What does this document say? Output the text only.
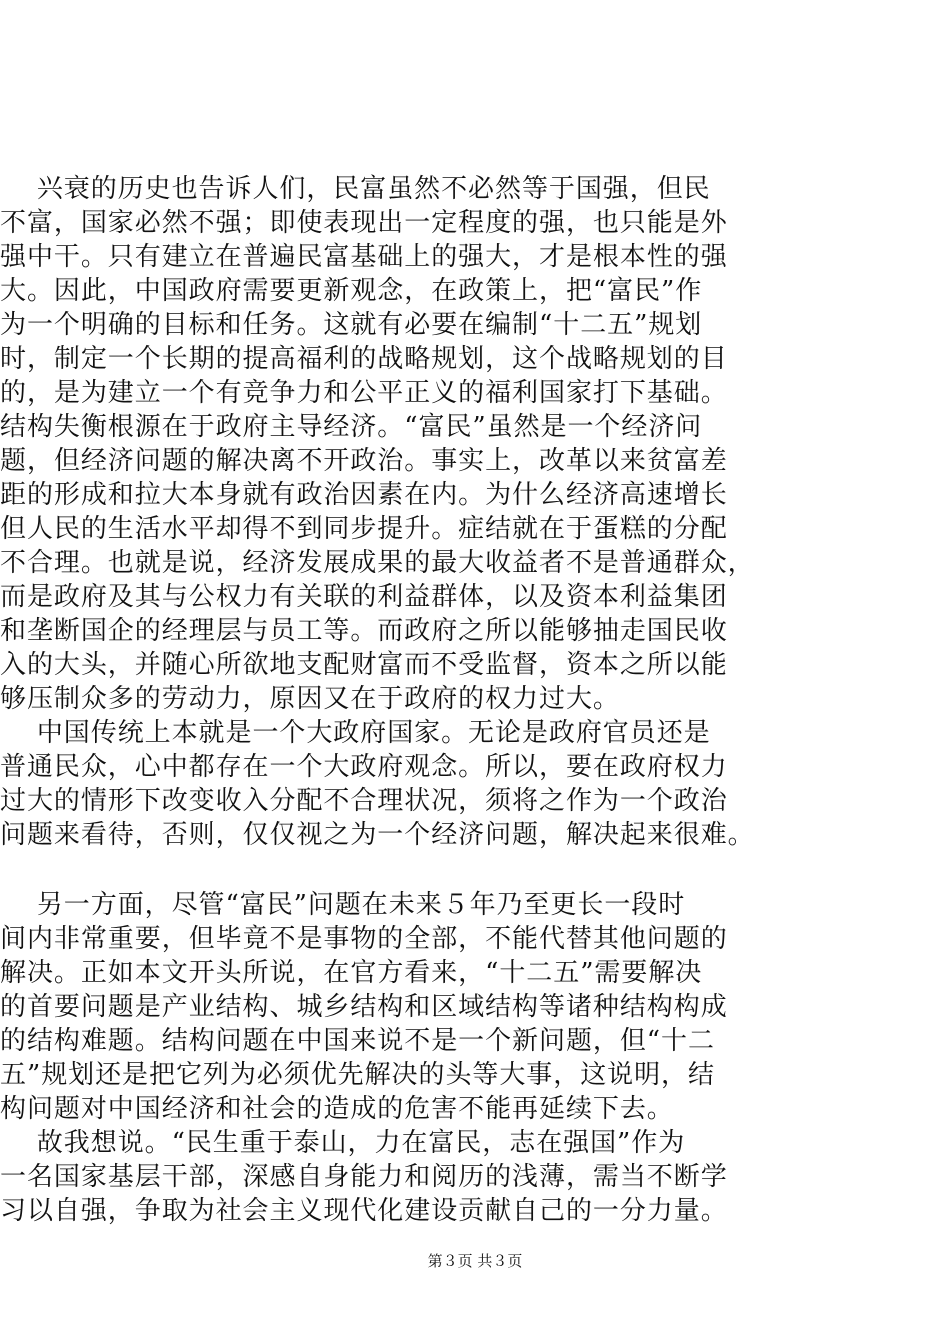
兴衰的历史也告诉人们，民富虽然不必然等于国强，但民
不富，国家必然不强；即使表现出一定程度的强，也只能是外
强中干。只有建立在普遍民富基础上的强大，才是根本性的强
大。因此，中国政府需要更新观念，在政策上，把“富民”作
为一个明确的目标和任务。这就有必要在编制“十二五”规划
时，制定一个长期的提高福利的战略规划，这个战略规划的目
的，是为建立一个有竞争力和公平正义的福利国家打下基础。
结构失衡根源在于政府主导经济。“富民”虽然是一个经济问
题，但经济问题的解决离不开政治。事实上，改革以来贫富差
距的形成和拉大本身就有政治因素在内。为什么经济高速增长
但人民的生活水平却得不到同步提升。症结就在于蛋糕的分配
不合理。也就是说，经济发展成果的最大收益者不是普通群众，
而是政府及其与公权力有关联的利益群体，以及资本利益集团
和垄断国企的经理层与员工等。而政府之所以能够抽走国民收
入的大头，并随心所欲地支配财富而不受监督，资本之所以能
够压制众多的劳动力，原因又在于政府的权力过大。
中国传统上本就是一个大政府国家。无论是政府官员还是
普通民众，心中都存在一个大政府观念。所以，要在政府权力
过大的情形下改变收入分配不合理状况，须将之作为一个政治
问题来看待，否则，仅仅视之为一个经济问题，解决起来很难。
另一方面，尽管“富民”问题在未来５年乃至更长一段时
间内非常重要，但毕竟不是事物的全部，不能代替其他问题的
解决。正如本文开头所说，在官方看来，“十二五”需要解决
的首要问题是产业结构、城乡结构和区域结构等诸种结构构成
的结构难题。结构问题在中国来说不是一个新问题，但“十二
五”规划还是把它列为必须优先解决的头等大事，这说明，结
构问题对中国经济和社会的造成的危害不能再延续下去。
故我想说。“民生重于泰山，力在富民，志在强国”作为
一名国家基层干部，深感自身能力和阅历的浅薄，需当不断学
习以自强，争取为社会主义现代化建设贡献自己的一分力量。
第３页 共３页
